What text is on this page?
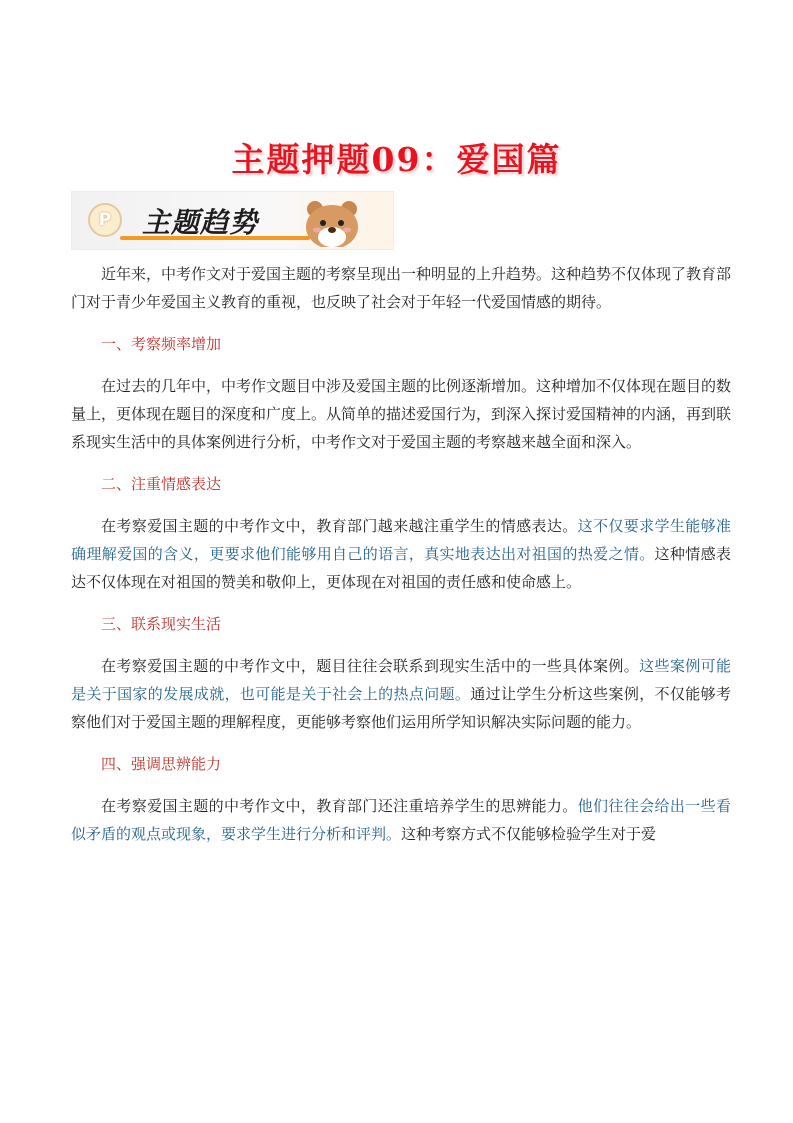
主题押题09：爱国篇
P	主题趋势

近年来，中考作文对于爱国主题的考察呈现出一种明显的上升趋势。这种趋势不仅体现了教育部门对于青少年爱国主义教育的重视，也反映了社会对于年轻一代爱国情感的期待。

一、考察频率增加

在过去的几年中，中考作文题目中涉及爱国主题的比例逐渐增加。这种增加不仅体现在题目的数量上，更体现在题目的深度和广度上。从简单的描述爱国行为，到深入探讨爱国精神的内涵，再到联系现实生活中的具体案例进行分析，中考作文对于爱国主题的考察越来越全面和深入。

二、注重情感表达

在考察爱国主题的中考作文中，教育部门越来越注重学生的情感表达。这不仅要求学生能够准确理解爱国的含义，更要求他们能够用自己的语言，真实地表达出对祖国的热爱之情。这种情感表达不仅体现在对祖国的赞美和敬仰上，更体现在对祖国的责任感和使命感上。

三、联系现实生活

在考察爱国主题的中考作文中，题目往往会联系到现实生活中的一些具体案例。这些案例可能是关于国家的发展成就，也可能是关于社会上的热点问题。通过让学生分析这些案例，不仅能够考察他们对于爱国主题的理解程度，更能够考察他们运用所学知识解决实际问题的能力。

四、强调思辨能力

在考察爱国主题的中考作文中，教育部门还注重培养学生的思辨能力。他们往往会给出一些看似矛盾的观点或现象，要求学生进行分析和评判。这种考察方式不仅能够检验学生对于爱
